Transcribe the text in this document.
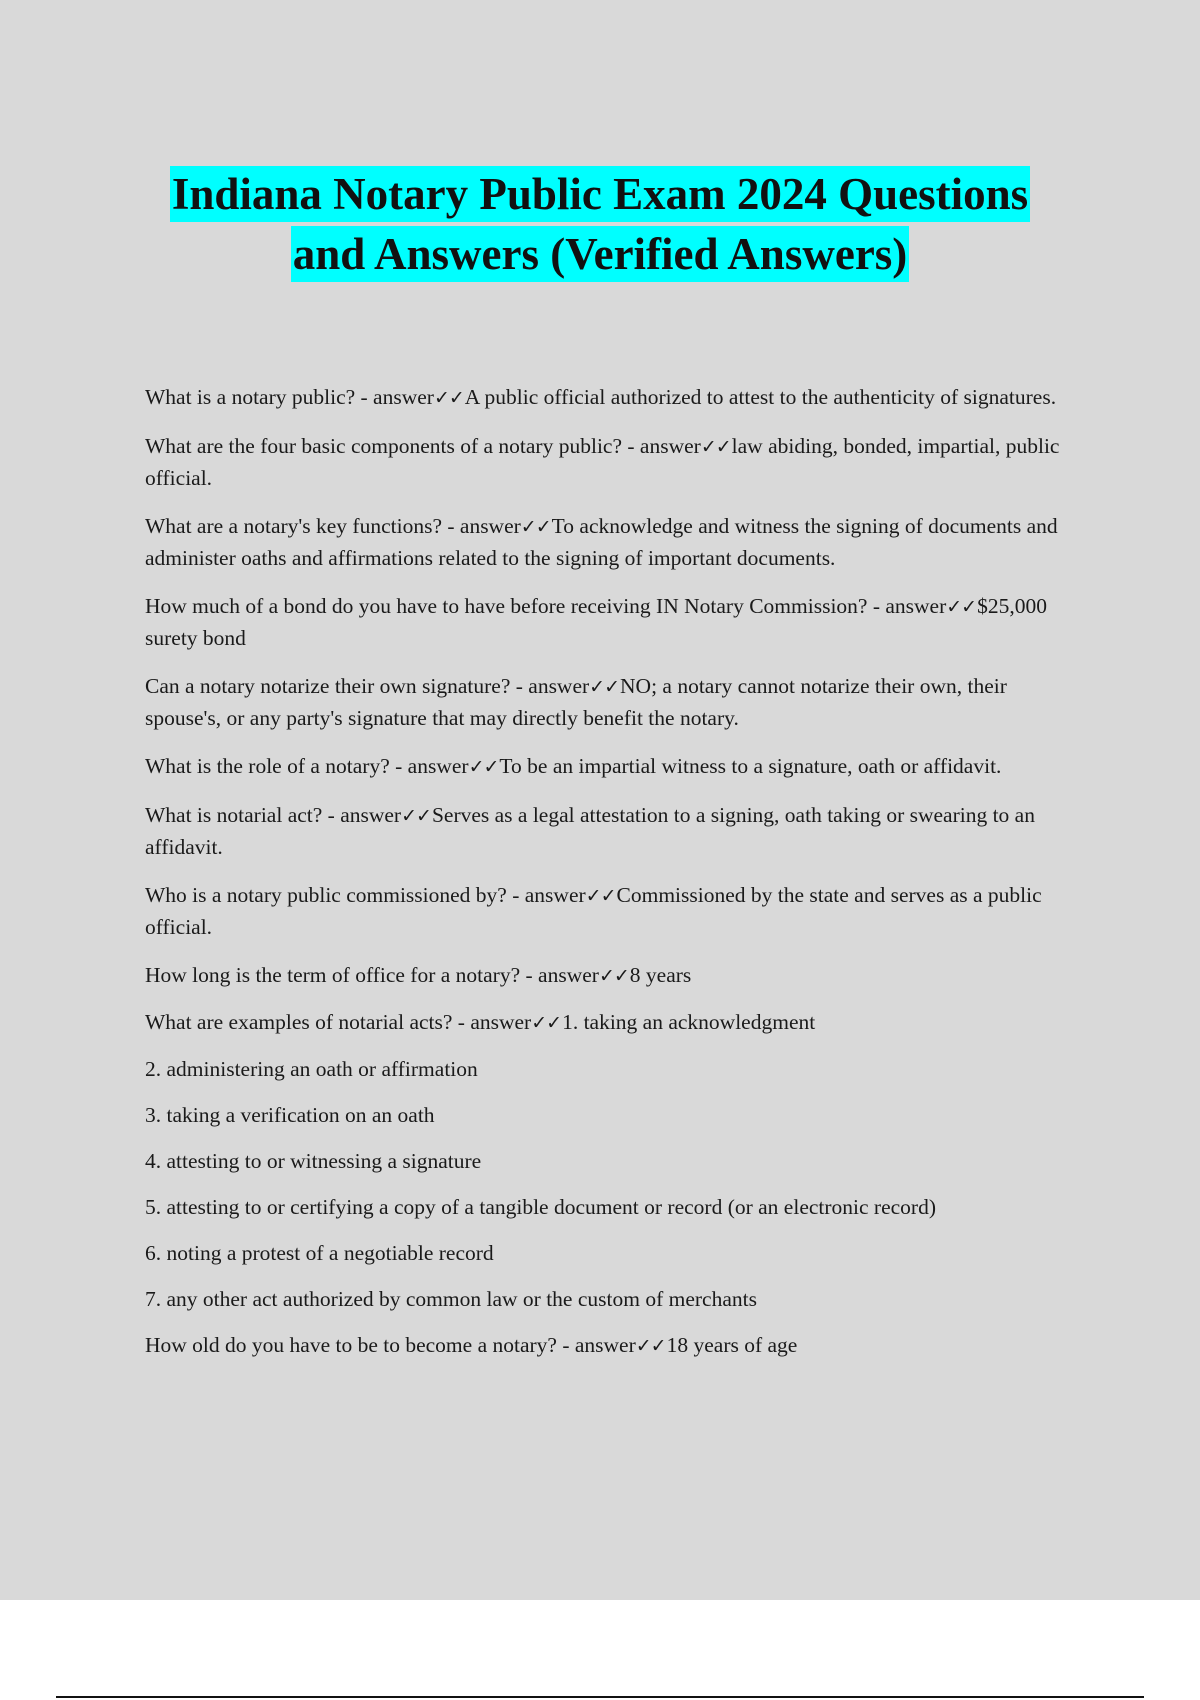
Indiana Notary Public Exam 2024 Questions
and Answers (Verified Answers)

What is a notary public? - answer✓✓A public official authorized to attest to the authenticity of signatures.

What are the four basic components of a notary public? - answer✓✓law abiding, bonded, impartial, public official.

What are a notary's key functions? - answer✓✓To acknowledge and witness the signing of documents and administer oaths and affirmations related to the signing of important documents.

How much of a bond do you have to have before receiving IN Notary Commission? - answer✓✓$25,000 surety bond

Can a notary notarize their own signature? - answer✓✓NO; a notary cannot notarize their own, their spouse's, or any party's signature that may directly benefit the notary.

What is the role of a notary? - answer✓✓To be an impartial witness to a signature, oath or affidavit.

What is notarial act? - answer✓✓Serves as a legal attestation to a signing, oath taking or swearing to an affidavit.

Who is a notary public commissioned by? - answer✓✓Commissioned by the state and serves as a public official.

How long is the term of office for a notary? - answer✓✓8 years

What are examples of notarial acts? - answer✓✓1. taking an acknowledgment

2. administering an oath or affirmation

3. taking a verification on an oath

4. attesting to or witnessing a signature

5. attesting to or certifying a copy of a tangible document or record (or an electronic record)

6. noting a protest of a negotiable record

7. any other act authorized by common law or the custom of merchants

How old do you have to be to become a notary? - answer✓✓18 years of age
